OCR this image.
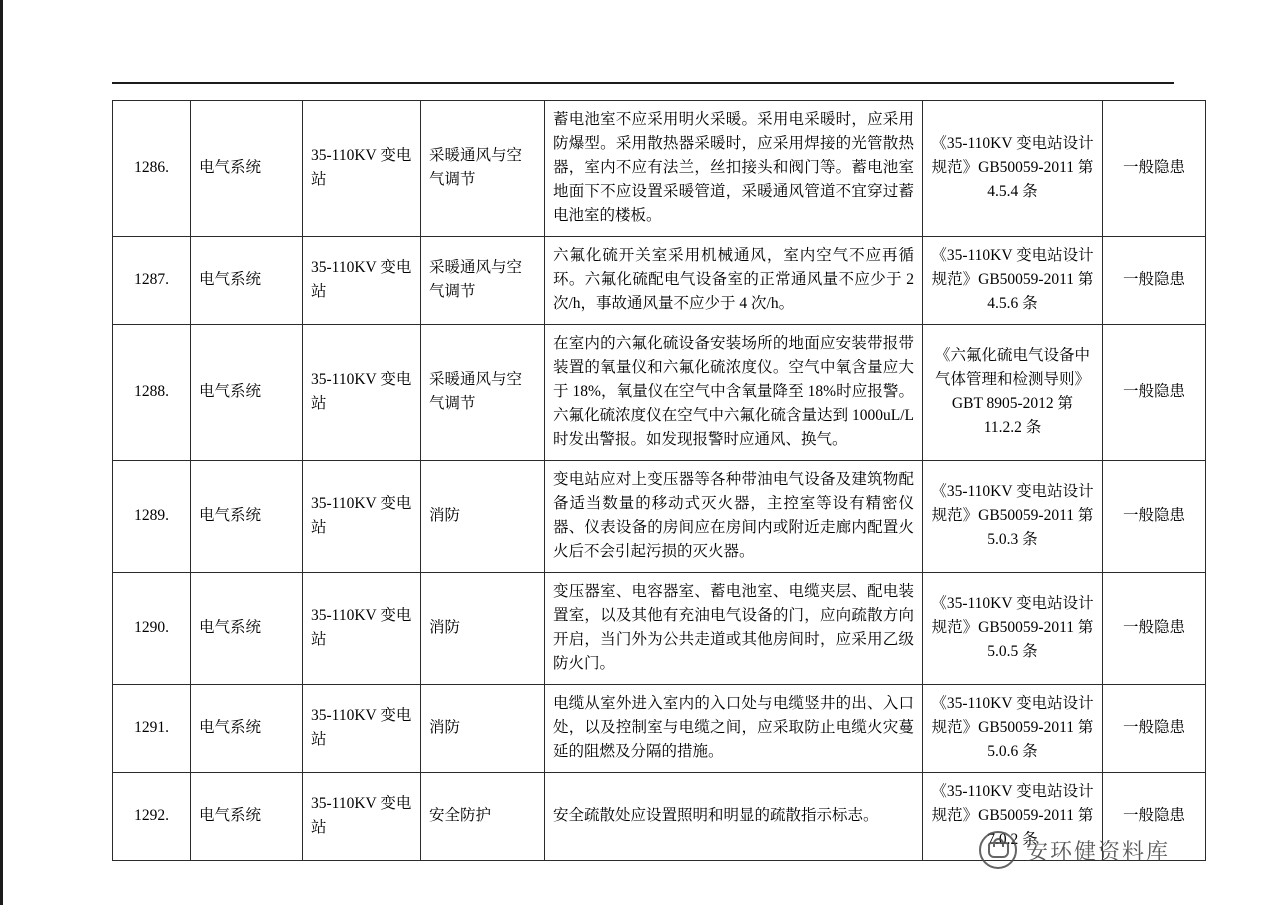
1286.	电气系统	35-110KV 变电站	采暖通风与空气调节	蓄电池室不应采用明火采暖。采用电采暖时，应采用防爆型。采用散热器采暖时，应采用焊接的光管散热器，室内不应有法兰，丝扣接头和阀门等。蓄电池室地面下不应设置采暖管道，采暖通风管道不宜穿过蓄电池室的楼板。	《35-110KV 变电站设计规范》GB50059-2011 第4.5.4 条	一般隐患
1287.	电气系统	35-110KV 变电站	采暖通风与空气调节	六氟化硫开关室采用机械通风，室内空气不应再循环。六氟化硫配电气设备室的正常通风量不应少于 2 次/h，事故通风量不应少于 4 次/h。	《35-110KV 变电站设计规范》GB50059-2011 第4.5.6 条	一般隐患
1288.	电气系统	35-110KV 变电站	采暖通风与空气调节	在室内的六氟化硫设备安装场所的地面应安装带报带装置的氧量仪和六氟化硫浓度仪。空气中氧含量应大于 18%，氧量仪在空气中含氧量降至 18%时应报警。六氟化硫浓度仪在空气中六氟化硫含量达到 1000uL/L 时发出警报。如发现报警时应通风、换气。	《六氟化硫电气设备中气体管理和检测导则》GBT 8905-2012 第 11.2.2 条	一般隐患
1289.	电气系统	35-110KV 变电站	消防	变电站应对上变压器等各种带油电气设备及建筑物配备适当数量的移动式灭火器，主控室等设有精密仪器、仪表设备的房间应在房间内或附近走廊内配置火火后不会引起污损的灭火器。	《35-110KV 变电站设计规范》GB50059-2011 第5.0.3 条	一般隐患
1290.	电气系统	35-110KV 变电站	消防	变压器室、电容器室、蓄电池室、电缆夹层、配电装置室，以及其他有充油电气设备的门，应向疏散方向开启，当门外为公共走道或其他房间时，应采用乙级防火门。	《35-110KV 变电站设计规范》GB50059-2011 第5.0.5 条	一般隐患
1291.	电气系统	35-110KV 变电站	消防	电缆从室外进入室内的入口处与电缆竖井的出、入口处，以及控制室与电缆之间，应采取防止电缆火灾蔓延的阻燃及分隔的措施。	《35-110KV 变电站设计规范》GB50059-2011 第5.0.6 条	一般隐患
1292.	电气系统	35-110KV 变电站	安全防护	安全疏散处应设置照明和明显的疏散指示标志。	《35-110KV 变电站设计规范》GB50059-2011 第7.0.2 条	一般隐患
安环健资料库
